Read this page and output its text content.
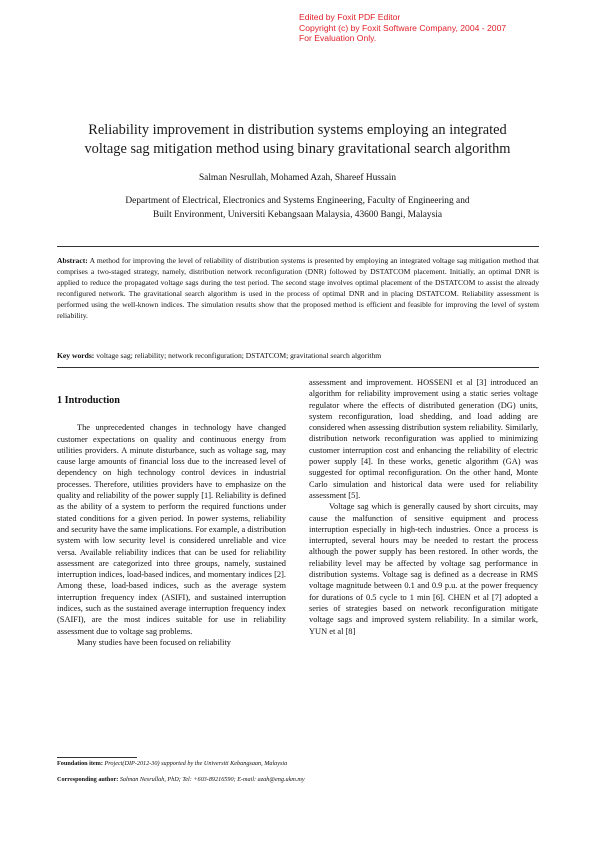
Edited by Foxit PDF Editor
Copyright (c) by Foxit Software Company, 2004 - 2007
For Evaluation Only.
Reliability improvement in distribution systems employing an integrated
voltage sag mitigation method using binary gravitational search algorithm
Salman Nesrullah, Mohamed Azah, Shareef Hussain
Department of Electrical, Electronics and Systems Engineering, Faculty of Engineering and
Built Environment, Universiti Kebangsaan Malaysia, 43600 Bangi, Malaysia
Abstract: A method for improving the level of reliability of distribution systems is presented by employing an integrated voltage sag mitigation method that comprises a two-staged strategy, namely, distribution network reconfiguration (DNR) followed by DSTATCOM placement. Initially, an optimal DNR is applied to reduce the propagated voltage sags during the test period. The second stage involves optimal placement of the DSTATCOM to assist the already reconfigured network. The gravitational search algorithm is used in the process of optimal DNR and in placing DSTATCOM. Reliability assessment is performed using the well-known indices. The simulation results show that the proposed method is efficient and feasible for improving the level of system reliability.
Key words: voltage sag; reliability; network reconfiguration; DSTATCOM; gravitational search algorithm
1 Introduction

The unprecedented changes in technology have changed customer expectations on quality and continuous energy from utilities providers. A minute disturbance, such as voltage sag, may cause large amounts of financial loss due to the increased level of dependency on high technology control devices in industrial processes. Therefore, utilities providers have to emphasize on the quality and reliability of the power supply [1]. Reliability is defined as the ability of a system to perform the required functions under stated conditions for a given period. In power systems, reliability and security have the same implications. For example, a distribution system with low security level is considered unreliable and vice versa. Available reliability indices that can be used for reliability assessment are categorized into three groups, namely, sustained interruption indices, load-based indices, and momentary indices [2]. Among these, load-based indices, such as the average system interruption frequency index (ASIFI), and sustained interruption indices, such as the sustained average interruption frequency index (SAIFI), are the most indices suitable for use in reliability assessment due to voltage sag problems.

Many studies have been focused on reliability

assessment and improvement. HOSSENI et al [3] introduced an algorithm for reliability improvement using a static series voltage regulator where the effects of distributed generation (DG) units, system reconfiguration, load shedding, and load adding are considered when assessing distribution system reliability. Similarly, distribution network reconfiguration was applied to minimizing customer interruption cost and enhancing the reliability of electric power supply [4]. In these works, genetic algorithm (GA) was suggested for optimal reconfiguration. On the other hand, Monte Carlo simulation and historical data were used for reliability assessment [5].

Voltage sag which is generally caused by short circuits, may cause the malfunction of sensitive equipment and process interruption especially in high-tech industries. Once a process is interrupted, several hours may be needed to restart the process although the power supply has been restored. In other words, the reliability level may be affected by voltage sag performance in distribution systems. Voltage sag is defined as a decrease in RMS voltage magnitude between 0.1 and 0.9 p.u. at the power frequency for durations of 0.5 cycle to 1 min [6]. CHEN et al [7] adopted a series of strategies based on network reconfiguration mitigate voltage sags and improved system reliability. In a similar work, YUN et al [8]

Foundation item: Project(DIP-2012-30) supported by the Universiti Kebangsaan, Malaysia
Corresponding author: Salman Nesrullah, PhD; Tel: +603-89216590; E-mail: azah@eng.ukm.my
